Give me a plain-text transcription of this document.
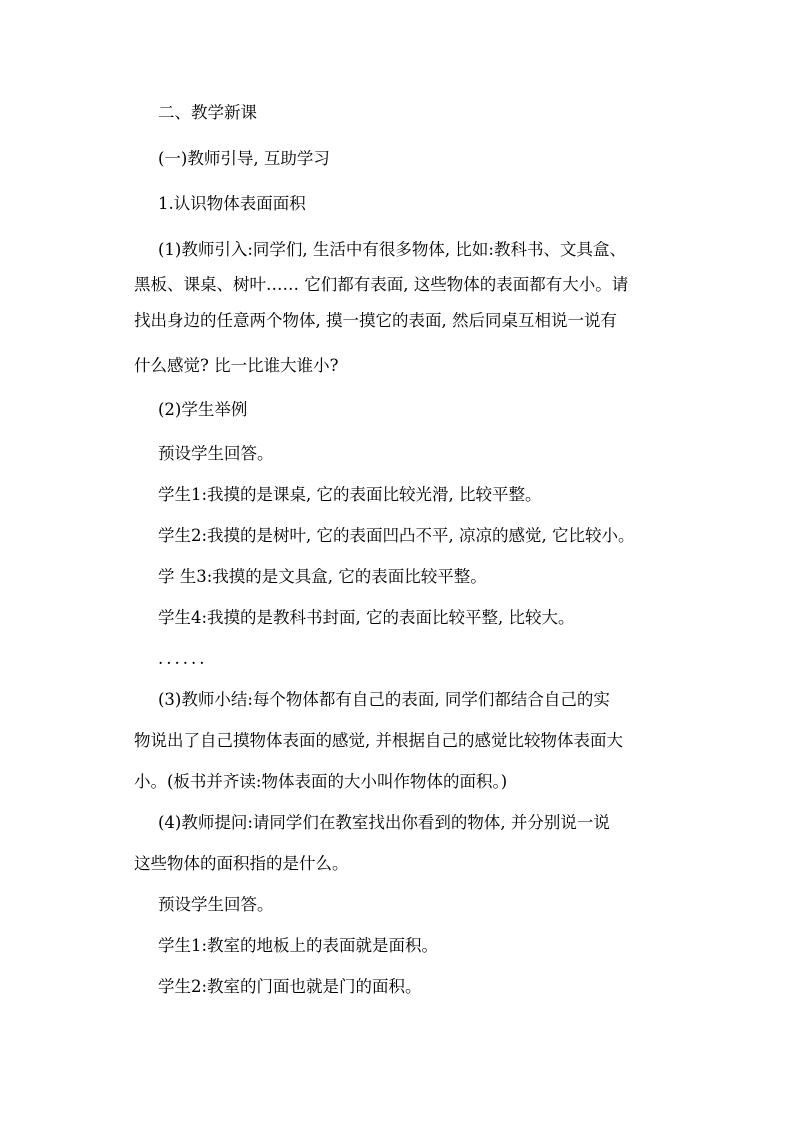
二、教学新课
(一)教师引导, 互助学习
1.认识物体表面面积
(1)教师引入:同学们, 生活中有很多物体, 比如:教科书、文具盒、
黑板、课桌、树叶…… 它们都有表面, 这些物体的表面都有大小。请
找出身边的任意两个物体, 摸一摸它的表面, 然后同桌互相说一说有
什么感觉? 比一比谁大谁小?
(2)学生举例
预设学生回答。
学生1:我摸的是课桌, 它的表面比较光滑, 比较平整。
学生2:我摸的是树叶, 它的表面凹凸不平, 凉凉的感觉, 它比较小。
学 生3:我摸的是文具盒, 它的表面比较平整。
学生4:我摸的是教科书封面, 它的表面比较平整, 比较大。
......
(3)教师小结:每个物体都有自己的表面, 同学们都结合自己的实
物说出了自己摸物体表面的感觉, 并根据自己的感觉比较物体表面大
小。(板书并齐读:物体表面的大小叫作物体的面积。)
(4)教师提问:请同学们在教室找出你看到的物体, 并分别说一说
这些物体的面积指的是什么。
预设学生回答。
学生1:教室的地板上的表面就是面积。
学生2:教室的门面也就是门的面积。
